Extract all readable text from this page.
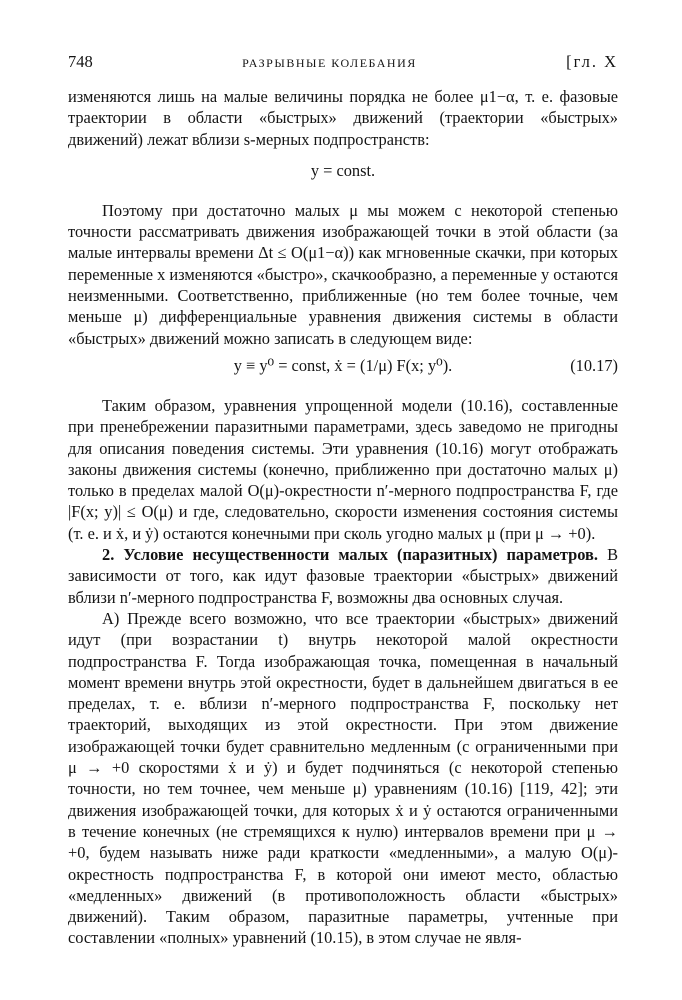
748	РАЗРЫВНЫЕ КОЛЕБАНИЯ	[гл. X

изменяются лишь на малые величины порядка не более μ1−α, т. е. фазовые траектории в области «быстрых» движений (траектории «быстрых» движений) лежат вблизи s-мерных подпространств:

y = const.

Поэтому при достаточно малых μ мы можем с некоторой степенью точности рассматривать движения изображающей точки в этой области (за малые интервалы времени Δt ≤ O(μ1−α)) как мгновенные скачки, при которых переменные x изменяются «быстро», скачкообразно, а переменные y остаются неизменными. Соответственно, приближенные (но тем более точные, чем меньше μ) дифференциальные уравнения движения системы в области «быстрых» движений можно записать в следующем виде:

y ≡ y⁰ = const, ẋ = (1/μ) F(x; y⁰).	(10.17)

Таким образом, уравнения упрощенной модели (10.16), составленные при пренебрежении паразитными параметрами, здесь заведомо не пригодны для описания поведения системы. Эти уравнения (10.16) могут отображать законы движения системы (конечно, приближенно при достаточно малых μ) только в пределах малой O(μ)-окрестности n′-мерного подпространства F, где |F(x; y)| ≤ O(μ) и где, следовательно, скорости изменения состояния системы (т. е. и ẋ, и ẏ) остаются конечными при сколь угодно малых μ (при μ → +0).

2. Условие несущественности малых (паразитных) параметров. В зависимости от того, как идут фазовые траектории «быстрых» движений вблизи n′-мерного подпространства F, возможны два основных случая.

А) Прежде всего возможно, что все траектории «быстрых» движений идут (при возрастании t) внутрь некоторой малой окрестности подпространства F. Тогда изображающая точка, помещенная в начальный момент времени внутрь этой окрестности, будет в дальнейшем двигаться в ее пределах, т. е. вблизи n′-мерного подпространства F, поскольку нет траекторий, выходящих из этой окрестности. При этом движение изображающей точки будет сравнительно медленным (с ограниченными при μ → +0 скоростями ẋ и ẏ) и будет подчиняться (с некоторой степенью точности, но тем точнее, чем меньше μ) уравнениям (10.16) [119, 42]; эти движения изображающей точки, для которых ẋ и ẏ остаются ограниченными в течение конечных (не стремящихся к нулю) интервалов времени при μ → +0, будем называть ниже ради краткости «медленными», а малую O(μ)-окрестность подпространства F, в которой они имеют место, областью «медленных» движений (в противоположность области «быстрых» движений). Таким образом, паразитные параметры, учтенные при составлении «полных» уравнений (10.15), в этом случае не явля-
